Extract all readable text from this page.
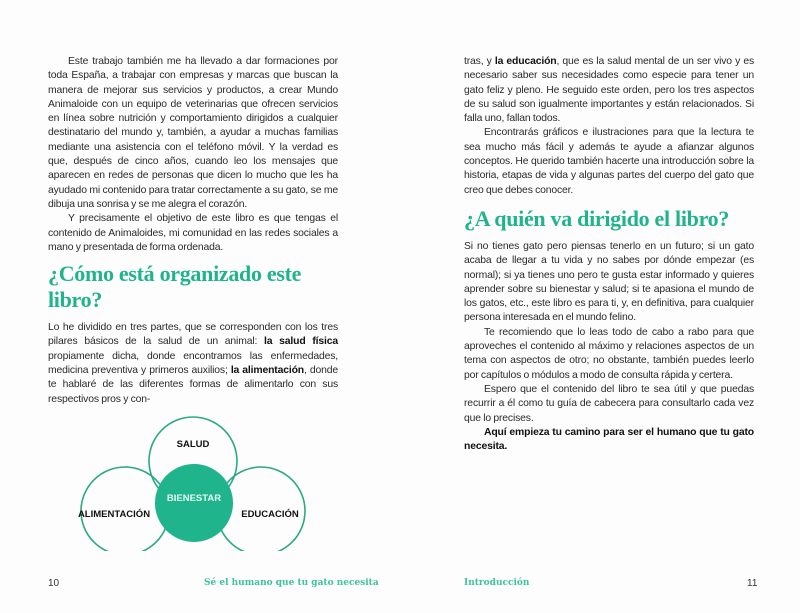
Este trabajo también me ha llevado a dar formaciones por toda España, a trabajar con empresas y marcas que buscan la manera de mejorar sus servicios y productos, a crear Mundo Animaloide con un equipo de veterinarias que ofrecen servicios en línea sobre nutrición y comportamiento dirigidos a cualquier destinatario del mundo y, también, a ayudar a muchas familias mediante una asistencia con el teléfono móvil. Y la verdad es que, después de cinco años, cuando leo los mensajes que aparecen en redes de personas que dicen lo mucho que les ha ayudado mi contenido para tratar correctamente a su gato, se me dibuja una sonrisa y se me alegra el corazón.

Y precisamente el objetivo de este libro es que tengas el contenido de Animaloides, mi comunidad en las redes sociales a mano y presentada de forma ordenada.

¿Cómo está organizado este libro?

Lo he dividido en tres partes, que se corresponden con los tres pilares básicos de la salud de un animal: la salud física propiamente dicha, donde encontramos las enfermedades, medicina preventiva y primeros auxilios; la alimentación, donde te hablaré de las diferentes formas de alimentarlo con sus respectivos pros y con-

SALUD
BIENESTAR
ALIMENTACIÓN	EDUCACIÓN
10	Sé el humano que tu gato necesita

tras, y la educación, que es la salud mental de un ser vivo y es necesario saber sus necesidades como especie para tener un gato feliz y pleno. He seguido este orden, pero los tres aspectos de su salud son igualmente importantes y están relacionados. Si falla uno, fallan todos.

Encontrarás gráficos e ilustraciones para que la lectura te sea mucho más fácil y además te ayude a afianzar algunos conceptos. He querido también hacerte una introducción sobre la historia, etapas de vida y algunas partes del cuerpo del gato que creo que debes conocer.

¿A quién va dirigido el libro?

Si no tienes gato pero piensas tenerlo en un futuro; si un gato acaba de llegar a tu vida y no sabes por dónde empezar (es normal); si ya tienes uno pero te gusta estar informado y quieres aprender sobre su bienestar y salud; si te apasiona el mundo de los gatos, etc., este libro es para ti, y, en definitiva, para cualquier persona interesada en el mundo felino.

Te recomiendo que lo leas todo de cabo a rabo para que aproveches el contenido al máximo y relaciones aspectos de un tema con aspectos de otro; no obstante, también puedes leerlo por capítulos o módulos a modo de consulta rápida y certera.

Espero que el contenido del libro te sea útil y que puedas recurrir a él como tu guía de cabecera para consultarlo cada vez que lo precises.

Aquí empieza tu camino para ser el humano que tu gato necesita.

Introducción	11
